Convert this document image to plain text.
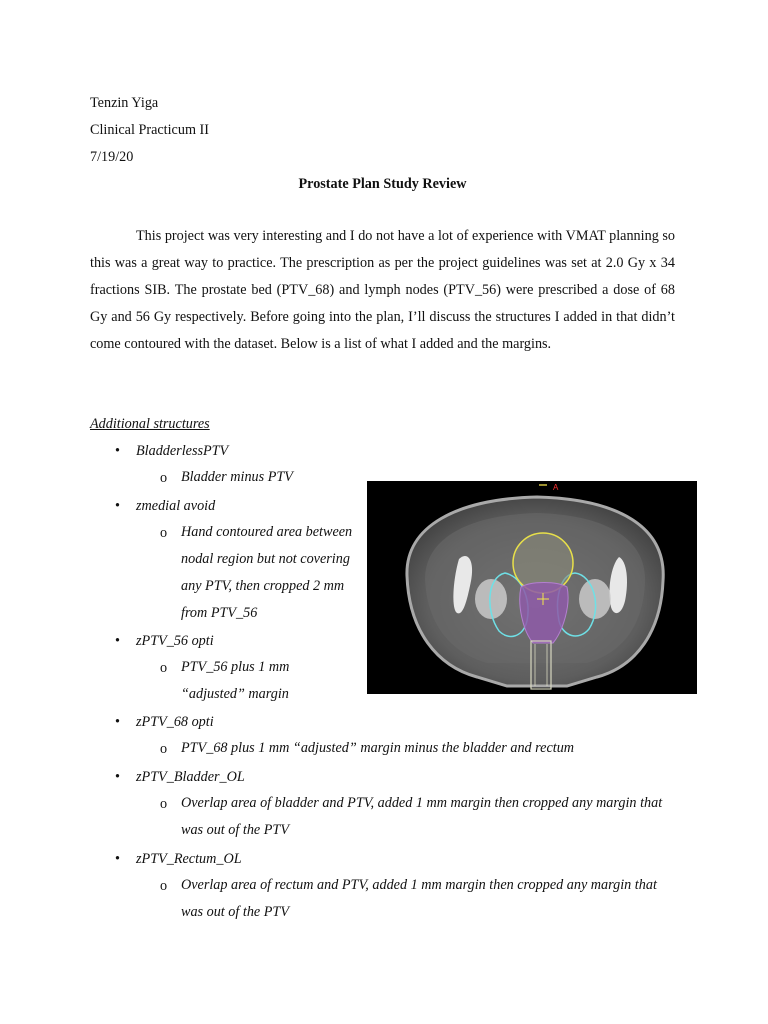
Tenzin Yiga
Clinical Practicum II
7/19/20
Prostate Plan Study Review
This project was very interesting and I do not have a lot of experience with VMAT planning so this was a great way to practice. The prescription as per the project guidelines was set at 2.0 Gy x 34 fractions SIB. The prostate bed (PTV_68) and lymph nodes (PTV_56) were prescribed a dose of 68 Gy and 56 Gy respectively. Before going into the plan, I’ll discuss the structures I added in that didn’t come contoured with the dataset. Below is a list of what I added and the margins.
Additional structures
• BladderlessPTV
o Bladder minus PTV
• zmedial avoid
o Hand contoured area between nodal region but not covering any PTV, then cropped 2 mm from PTV_56
• zPTV_56 opti
o PTV_56 plus 1 mm “adjusted” margin
• zPTV_68 opti
o PTV_68 plus 1 mm “adjusted” margin minus the bladder and rectum
• zPTV_Bladder_OL
o Overlap area of bladder and PTV, added 1 mm margin then cropped any margin that was out of the PTV
• zPTV_Rectum_OL
o Overlap area of rectum and PTV, added 1 mm margin then cropped any margin that was out of the PTV
A
